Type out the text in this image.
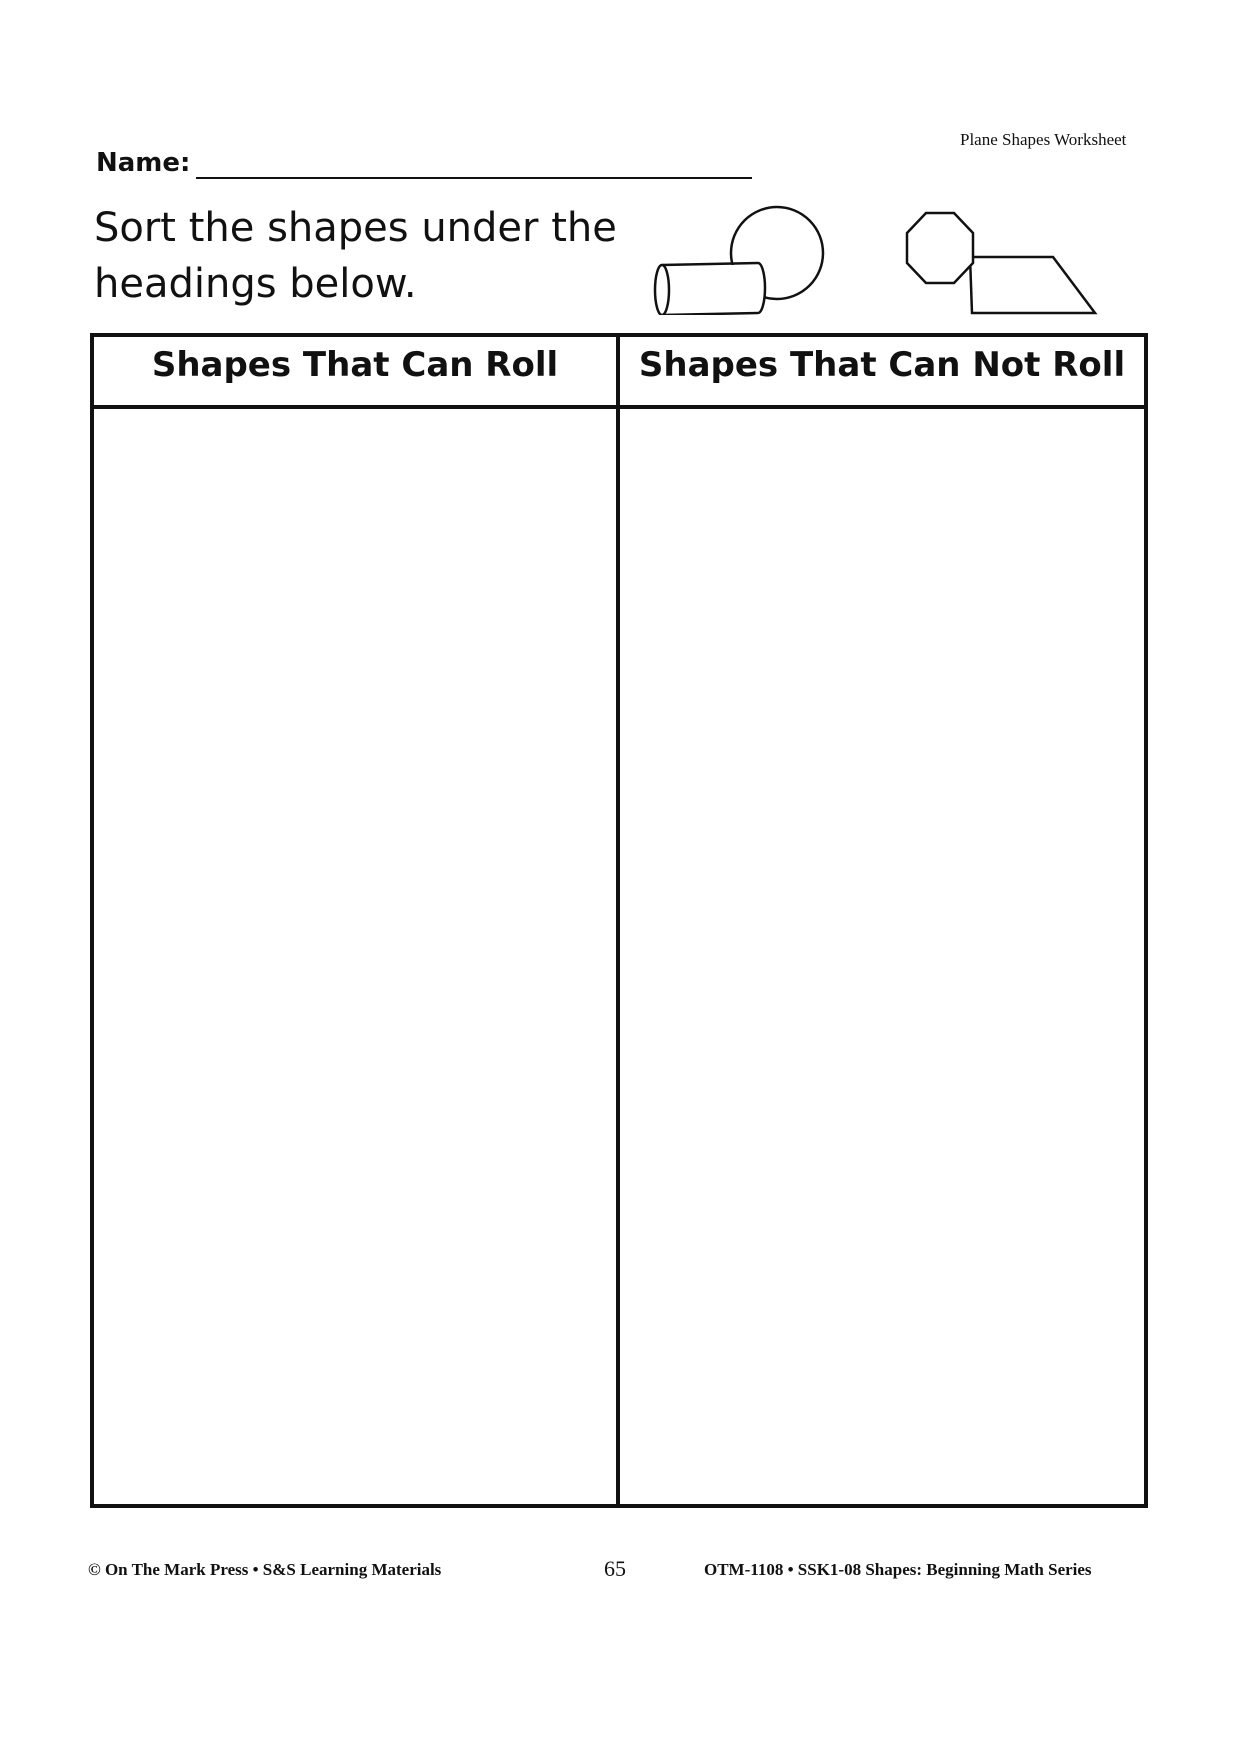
Plane Shapes Worksheet
Name:
Sort the shapes under the headings below.
Shapes That Can Roll	Shapes That Can Not Roll
© On The Mark Press • S&S Learning Materials	65	OTM-1108 • SSK1-08 Shapes: Beginning Math Series
